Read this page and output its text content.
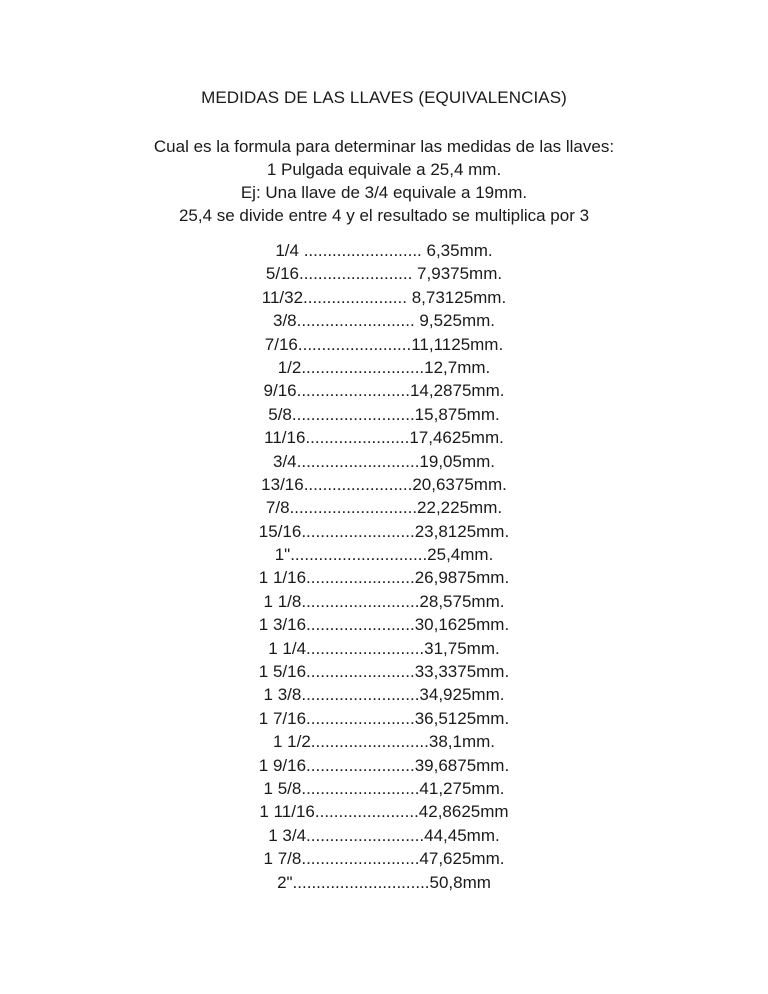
MEDIDAS DE LAS LLAVES (EQUIVALENCIAS)
Cual es la formula para determinar las medidas de las llaves:
1 Pulgada equivale a 25,4 mm.
Ej: Una llave de 3/4 equivale a 19mm.
25,4 se divide entre 4 y el resultado se multiplica por 3
1/4 ......................... 6,35mm.
5/16........................ 7,9375mm.
11/32...................... 8,73125mm.
3/8......................... 9,525mm.
7/16........................11,1125mm.
1/2..........................12,7mm.
9/16........................14,2875mm.
5/8..........................15,875mm.
11/16......................17,4625mm.
3/4..........................19,05mm.
13/16.......................20,6375mm.
7/8...........................22,225mm.
15/16........................23,8125mm.
1".............................25,4mm.
1 1/16.......................26,9875mm.
1 1/8.........................28,575mm.
1 3/16.......................30,1625mm.
1 1/4.........................31,75mm.
1 5/16.......................33,3375mm.
1 3/8.........................34,925mm.
1 7/16.......................36,5125mm.
1 1/2.........................38,1mm.
1 9/16.......................39,6875mm.
1 5/8.........................41,275mm.
1 11/16......................42,8625mm
1 3/4.........................44,45mm.
1 7/8.........................47,625mm.
2".............................50,8mm
